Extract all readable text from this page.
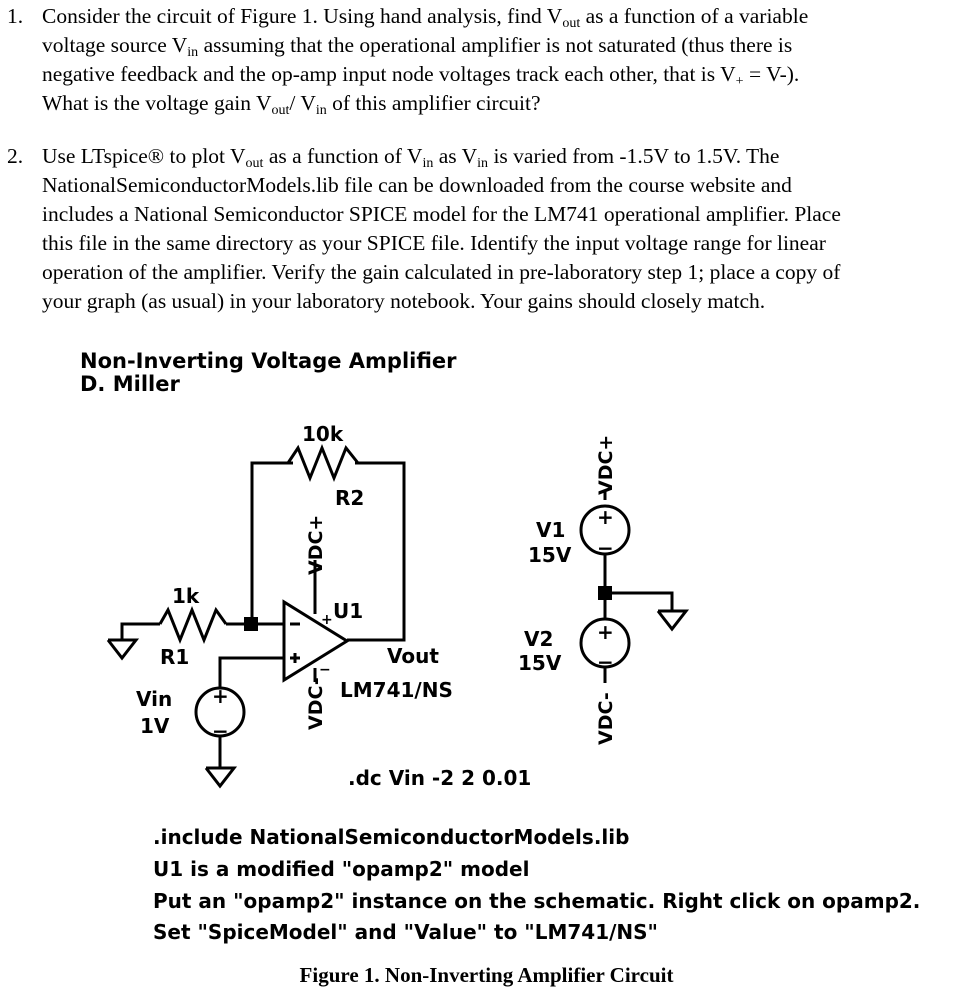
1. Consider the circuit of Figure 1. Using hand analysis, find $V_{out}$ as a function of a variable
voltage source $V_{in}$ assuming that the operational amplifier is not saturated (thus there is
negative feedback and the op-amp input node voltages track each other, that is $V_+ = V-$).
What is the voltage gain $V_{out}/$ $V_{in}$ of this amplifier circuit?
2. Use LTspice® to plot $V_{out}$ as a function of $V_{in}$ as $V_{in}$ is varied from -1.5V to 1.5V. The
NationalSemiconductorModels.lib file can be downloaded from the course website and
includes a National Semiconductor SPICE model for the LM741 operational amplifier. Place
this file in the same directory as your SPICE file. Identify the input voltage range for linear
operation of the amplifier. Verify the gain calculated in pre-laboratory step 1; place a copy of
your graph (as usual) in your laboratory notebook. Your gains should closely match.
Non-Inverting Voltage Amplifier
D. Miller
10k
R2
1k
R1
+
−
VDC+
VDC-
U1
Vout
LM741/NS
+
−
Vin
1V
VDC+
+
−
V1
15V
+
−
VDC-
V2
15V
.dc Vin -2 2 0.01
.include NationalSemiconductorModels.lib
U1 is a modified "opamp2" model
Put an "opamp2" instance on the schematic. Right click on opamp2.
Set "SpiceModel" and "Value" to "LM741/NS"
Figure 1. Non-Inverting Amplifier Circuit
